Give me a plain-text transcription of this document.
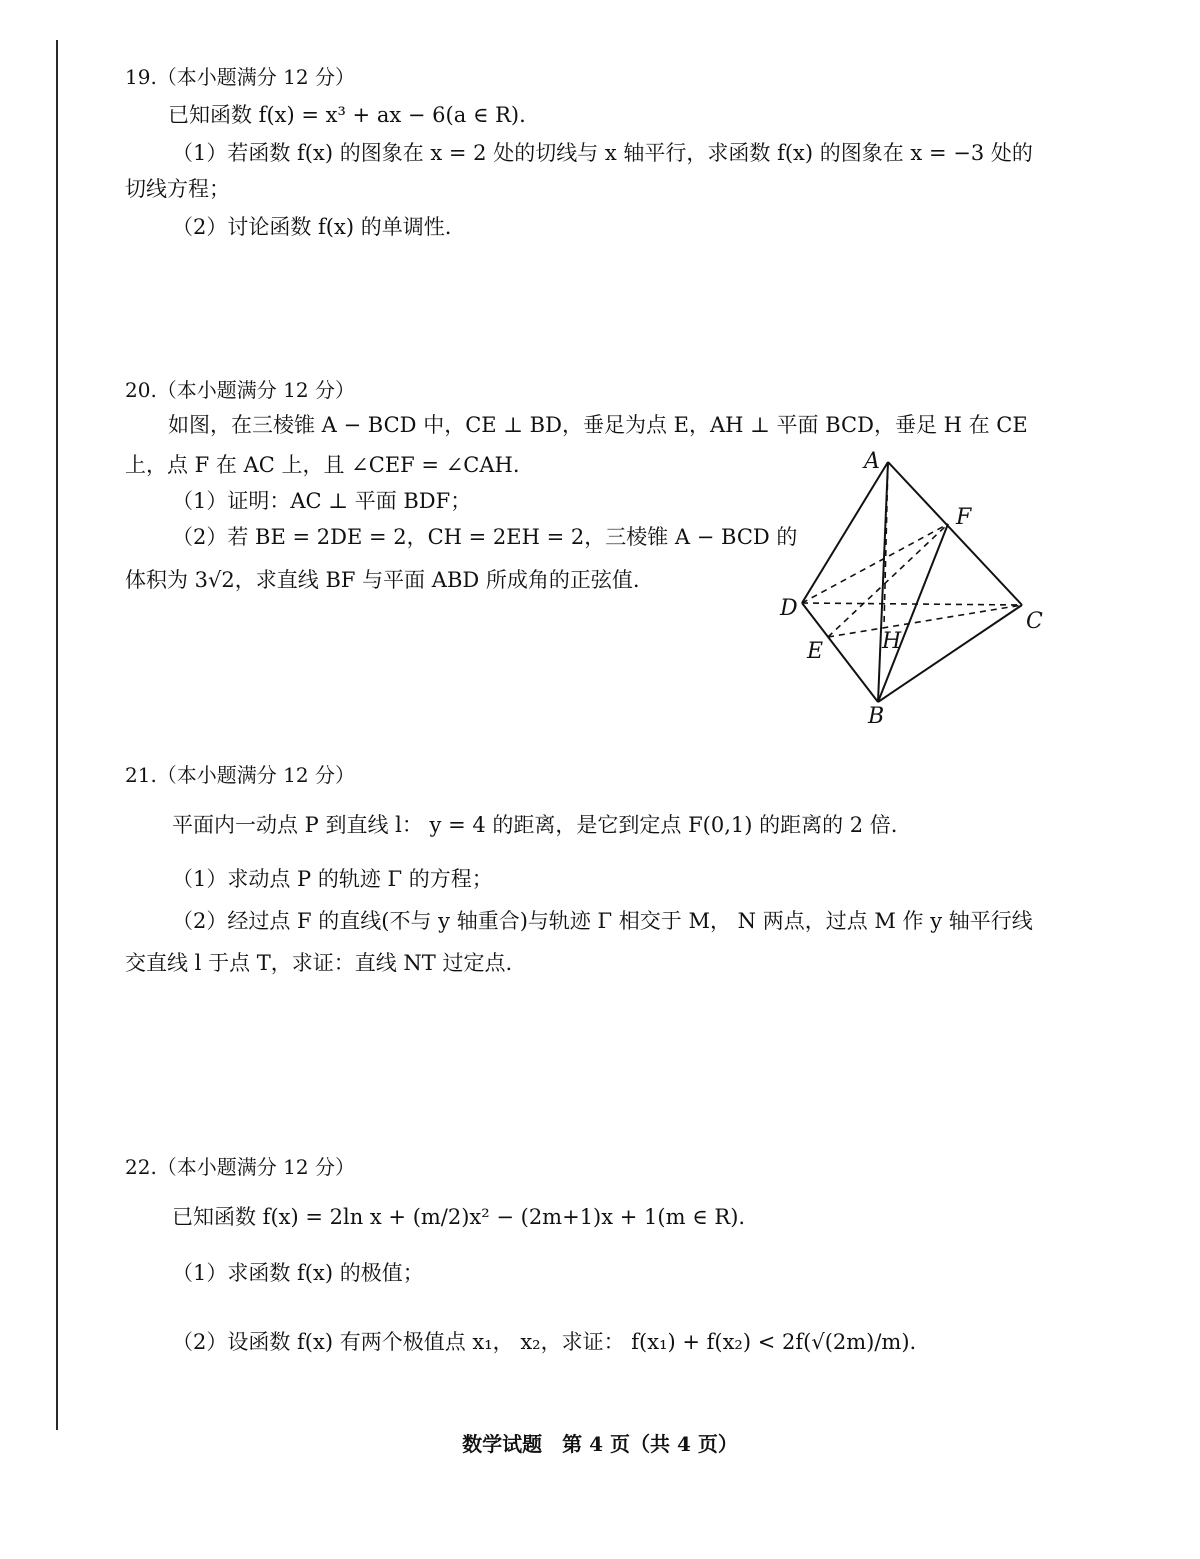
19.（本小题满分 12 分）
已知函数 f(x) = x³ + ax − 6(a ∈ R).
（1）若函数 f(x) 的图象在 x = 2 处的切线与 x 轴平行，求函数 f(x) 的图象在 x = −3 处的
切线方程；
（2）讨论函数 f(x) 的单调性.
20.（本小题满分 12 分）
如图，在三棱锥 A − BCD 中，CE ⊥ BD，垂足为点 E，AH ⊥ 平面 BCD，垂足 H 在 CE
上，点 F 在 AC 上，且 ∠CEF = ∠CAH.
（1）证明：AC ⊥ 平面 BDF；
（2）若 BE = 2DE = 2，CH = 2EH = 2，三棱锥 A − BCD 的
体积为 3√2，求直线 BF 与平面 ABD 所成角的正弦值.
A
F
D
C
E	H
B
21.（本小题满分 12 分）
平面内一动点 P 到直线 l： y = 4 的距离，是它到定点 F(0,1) 的距离的 2 倍.
（1）求动点 P 的轨迹 Γ 的方程；
（2）经过点 F 的直线(不与 y 轴重合)与轨迹 Γ 相交于 M， N 两点，过点 M 作 y 轴平行线
交直线 l 于点 T，求证：直线 NT 过定点.
22.（本小题满分 12 分）
已知函数 f(x) = 2ln x + (m/2)x² − (2m+1)x + 1(m ∈ R).
（1）求函数 f(x) 的极值；
（2）设函数 f(x) 有两个极值点 x₁， x₂，求证： f(x₁) + f(x₂) < 2f(√(2m)/m).
数学试题　第 4 页（共 4 页）
